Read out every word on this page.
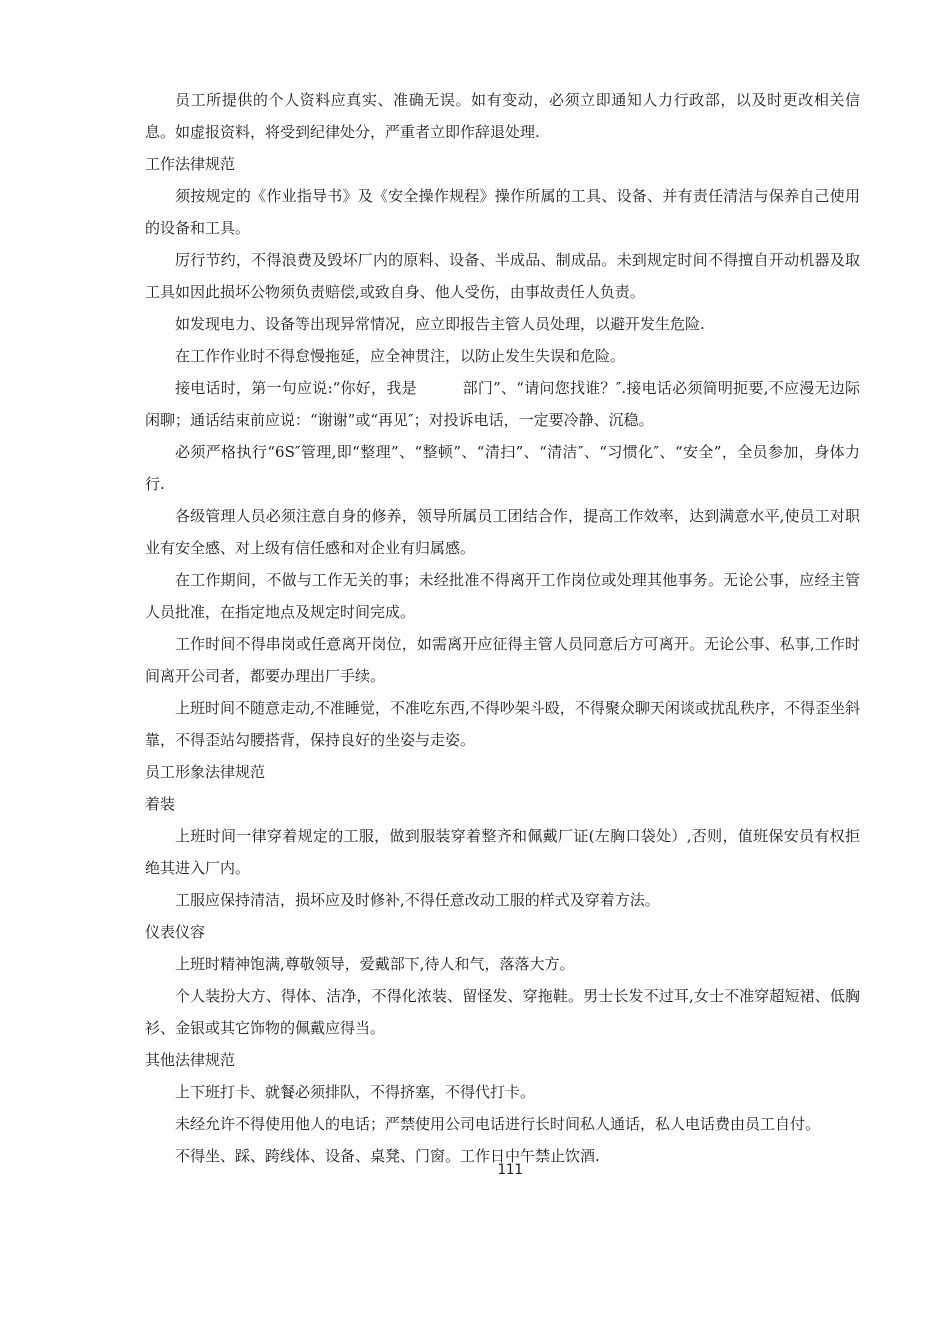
员工所提供的个人资料应真实、准确无误。如有变动，必须立即通知人力行政部，以及时更改相关信息。如虚报资料，将受到纪律处分，严重者立即作辞退处理.

工作法律规范

须按规定的《作业指导书》及《安全操作规程》操作所属的工具、设备、并有责任清洁与保养自己使用的设备和工具。

厉行节约，不得浪费及毁坏厂内的原料、设备、半成品、制成品。未到规定时间不得擅自开动机器及取工具如因此损坏公物须负责赔偿,或致自身、他人受伤，由事故责任人负责。

如发现电力、设备等出现异常情况，应立即报告主管人员处理，以避开发生危险.

在工作作业时不得怠慢拖延，应全神贯注，以防止发生失误和危险。

接电话时，第一句应说:“你好，我是　　　部门”、“请问您找谁？″.接电话必须简明扼要,不应漫无边际闲聊；通话结束前应说：“谢谢”或“再见″；对投诉电话，一定要冷静、沉稳。

必须严格执行“6S″管理,即“整理”、“整顿”、“清扫”、“清洁″、“习惯化″、“安全”，全员参加，身体力行.

各级管理人员必须注意自身的修养，领导所属员工团结合作，提高工作效率，达到满意水平,使员工对职业有安全感、对上级有信任感和对企业有归属感。

在工作期间，不做与工作无关的事；未经批准不得离开工作岗位或处理其他事务。无论公事，应经主管人员批准，在指定地点及规定时间完成。

工作时间不得串岗或任意离开岗位，如需离开应征得主管人员同意后方可离开。无论公事、私事,工作时间离开公司者，都要办理出厂手续。

上班时间不随意走动,不准睡觉，不准吃东西,不得吵架斗殴，不得聚众聊天闲谈或扰乱秩序，不得歪坐斜靠，不得歪站勾腰搭背，保持良好的坐姿与走姿。

员工形象法律规范

着装

上班时间一律穿着规定的工服，做到服装穿着整齐和佩戴厂证(左胸口袋处）,否则，值班保安员有权拒绝其进入厂内。

工服应保持清洁，损坏应及时修补,不得任意改动工服的样式及穿着方法。

仪表仪容

上班时精神饱满,尊敬领导，爱戴部下,待人和气，落落大方。

个人装扮大方、得体、洁净，不得化浓装、留怪发、穿拖鞋。男士长发不过耳,女士不准穿超短裙、低胸衫、金银或其它饰物的佩戴应得当。

其他法律规范

上下班打卡、就餐必须排队，不得挤塞，不得代打卡。

未经允许不得使用他人的电话；严禁使用公司电话进行长时间私人通话，私人电话费由员工自付。

不得坐、踩、跨线体、设备、桌凳、门窗。工作日中午禁止饮酒.

111
